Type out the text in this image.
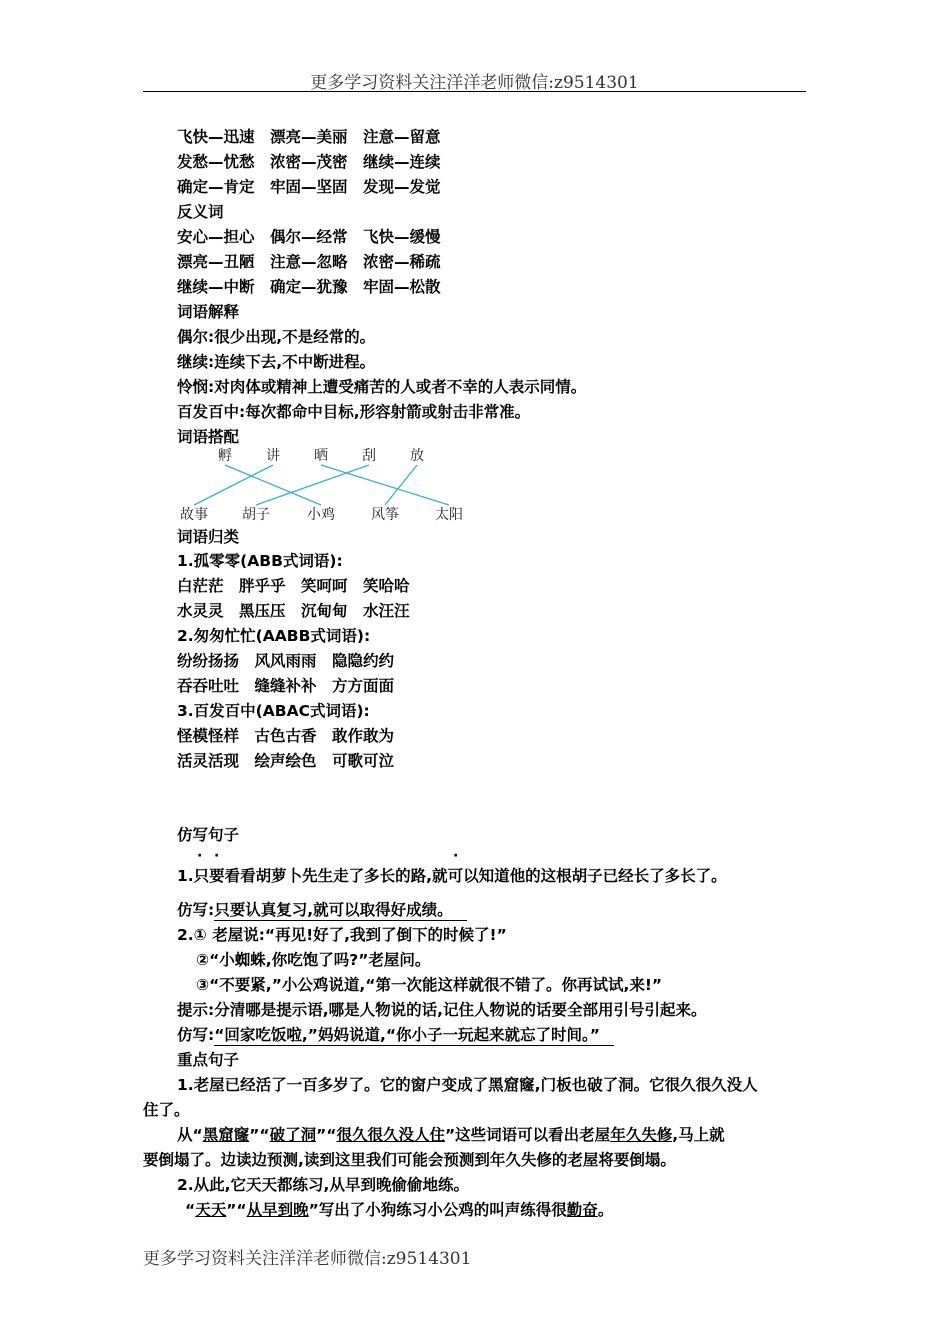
更多学习资料关注洋洋老师微信:z9514301
飞快—迅速　漂亮—美丽　注意—留意
发愁—忧愁　浓密—茂密　继续—连续
确定—肯定　牢固—坚固　发现—发觉
反义词
安心—担心　偶尔—经常　飞快—缓慢
漂亮—丑陋　注意—忽略　浓密—稀疏
继续—中断　确定—犹豫　牢固—松散
词语解释
偶尔:很少出现,不是经常的。
继续:连续下去,不中断进程。
怜悯:对肉体或精神上遭受痛苦的人或者不幸的人表示同情。
百发百中:每次都命中目标,形容射箭或射击非常准。
词语搭配
孵 讲 晒 刮 放
故事 胡子	小鸡	风筝	太阳
词语归类
1.孤零零(ABB式词语):
白茫茫　胖乎乎　笑呵呵　笑哈哈
水灵灵　黑压压　沉甸甸　水汪汪
2.匆匆忙忙(AABB式词语):
纷纷扬扬　风风雨雨　隐隐约约
吞吞吐吐　缝缝补补　方方面面
3.百发百中(ABAC式词语):
怪模怪样　古色古香　敢作敢为
活灵活现　绘声绘色　可歌可泣
仿写句子
· ·	·
1.只要看看胡萝卜先生走了多长的路,就可以知道他的这根胡子已经长了多长了。
仿写:只要认真复习,就可以取得好成绩。
2.① 老屋说:“再见!好了,我到了倒下的时候了!”
②“小蜘蛛,你吃饱了吗?”老屋问。
③“不要紧,”小公鸡说道,“第一次能这样就很不错了。你再试试,来!”
提示:分清哪是提示语,哪是人物说的话,记住人物说的话要全部用引号引起来。
仿写:“回家吃饭啦,”妈妈说道,“你小子一玩起来就忘了时间。”
重点句子
1.老屋已经活了一百多岁了。它的窗户变成了黑窟窿,门板也破了洞。它很久很久没人
住了。
从“黑窟窿”“破了洞”“很久很久没人住”这些词语可以看出老屋年久失修,马上就
要倒塌了。边读边预测,读到这里我们可能会预测到年久失修的老屋将要倒塌。
2.从此,它天天都练习,从早到晚偷偷地练。
“天天”“从早到晚”写出了小狗练习小公鸡的叫声练得很勤奋。
更多学习资料关注洋洋老师微信:z9514301
